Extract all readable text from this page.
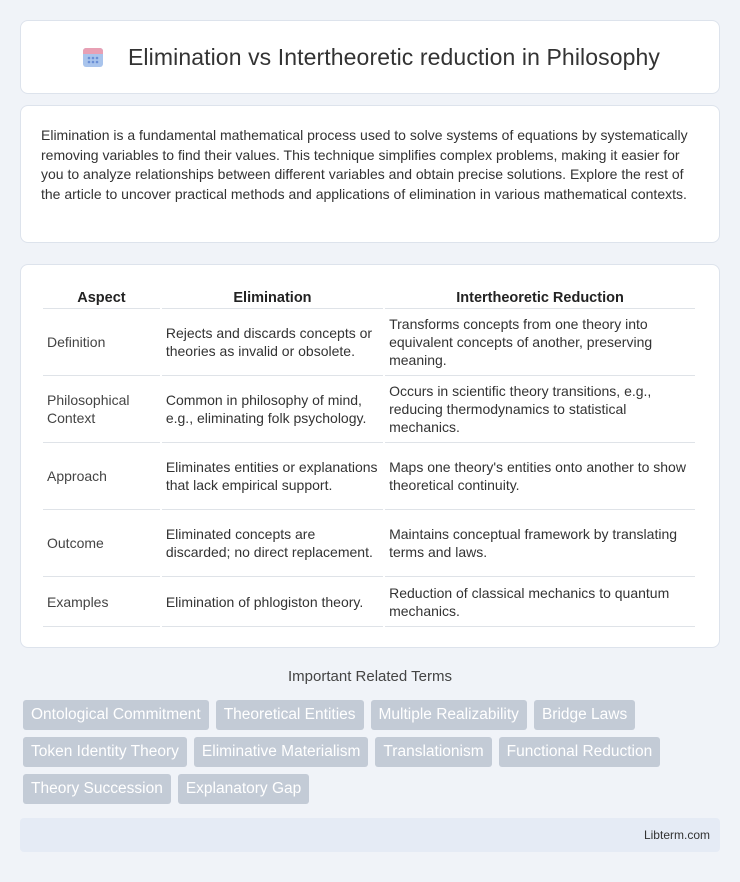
Elimination vs Intertheoretic reduction in Philosophy

Elimination is a fundamental mathematical process used to solve systems of equations by systematically removing variables to find their values. This technique simplifies complex problems, making it easier for you to analyze relationships between different variables and obtain precise solutions. Explore the rest of the article to uncover practical methods and applications of elimination in various mathematical contexts.

Aspect	Elimination	Intertheoretic Reduction
Definition	Rejects and discards concepts or theories as invalid or obsolete.	Transforms concepts from one theory into equivalent concepts of another, preserving meaning.
Philosophical Context	Common in philosophy of mind, e.g., eliminating folk psychology.	Occurs in scientific theory transitions, e.g., reducing thermodynamics to statistical mechanics.
Approach	Eliminates entities or explanations that lack empirical support.	Maps one theory's entities onto another to show theoretical continuity.
Outcome	Eliminated concepts are discarded; no direct replacement.	Maintains conceptual framework by translating terms and laws.
Examples	Elimination of phlogiston theory.	Reduction of classical mechanics to quantum mechanics.
Important Related Terms
Ontological Commitment	Theoretical Entities	Multiple Realizability	Bridge Laws
Token Identity Theory	Eliminative Materialism	Translationism	Functional Reduction
Theory Succession	Explanatory Gap
Libterm.com
